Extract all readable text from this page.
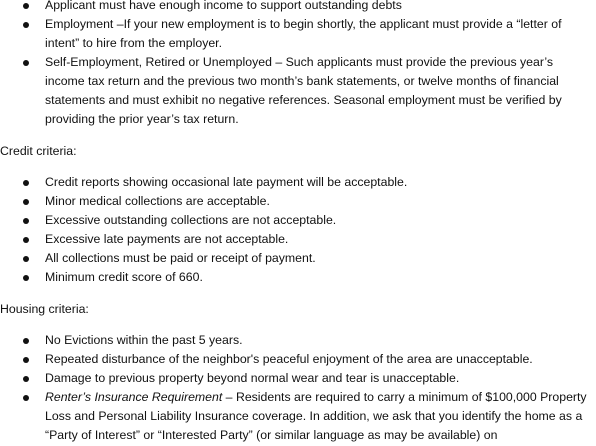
Applicant must have enough income to support outstanding debts
Employment –If your new employment is to begin shortly, the applicant must provide a “letter of intent” to hire from the employer.
Self-Employment, Retired or Unemployed – Such applicants must provide the previous year’s income tax return and the previous two month’s bank statements, or twelve months of financial statements and must exhibit no negative references. Seasonal employment must be verified by providing the prior year’s tax return.
Credit criteria:
Credit reports showing occasional late payment will be acceptable.
Minor medical collections are acceptable.
Excessive outstanding collections are not acceptable.
Excessive late payments are not acceptable.
All collections must be paid or receipt of payment.
Minimum credit score of 660.
Housing criteria:
No Evictions within the past 5 years.
Repeated disturbance of the neighbor's peaceful enjoyment of the area are unacceptable.
Damage to previous property beyond normal wear and tear is unacceptable.
Renter’s Insurance Requirement – Residents are required to carry a minimum of $100,000 Property Loss and Personal Liability Insurance coverage. In addition, we ask that you identify the home as a “Party of Interest” or “Interested Party” (or similar language as may be available) on
